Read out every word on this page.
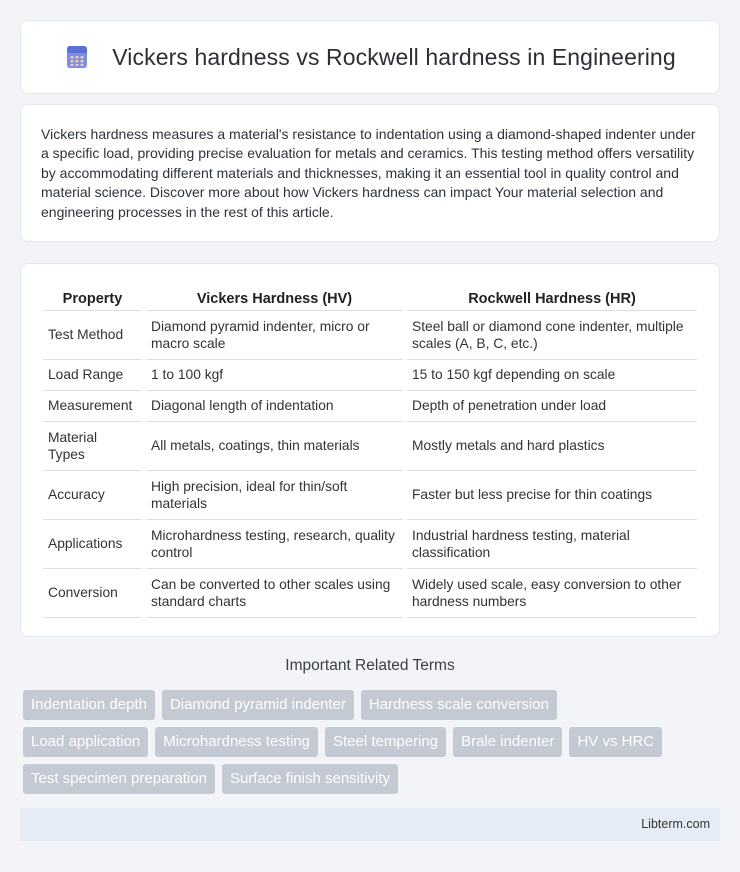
Vickers hardness vs Rockwell hardness in Engineering

Vickers hardness measures a material's resistance to indentation using a diamond-shaped indenter under a specific load, providing precise evaluation for metals and ceramics. This testing method offers versatility by accommodating different materials and thicknesses, making it an essential tool in quality control and material science. Discover more about how Vickers hardness can impact Your material selection and engineering processes in the rest of this article.

Property	Vickers Hardness (HV)	Rockwell Hardness (HR)
Test Method	Diamond pyramid indenter, micro or macro scale	Steel ball or diamond cone indenter, multiple scales (A, B, C, etc.)
Load Range	1 to 100 kgf	15 to 150 kgf depending on scale
Measurement	Diagonal length of indentation	Depth of penetration under load
Material Types	All metals, coatings, thin materials	Mostly metals and hard plastics
Accuracy	High precision, ideal for thin/soft materials	Faster but less precise for thin coatings
Applications	Microhardness testing, research, quality control	Industrial hardness testing, material classification
Conversion	Can be converted to other scales using standard charts	Widely used scale, easy conversion to other hardness numbers
Important Related Terms
Indentation depth	Diamond pyramid indenter	Hardness scale conversion
Load application	Microhardness testing	Steel tempering	Brale indenter	HV vs HRC
Test specimen preparation	Surface finish sensitivity
Libterm.com
